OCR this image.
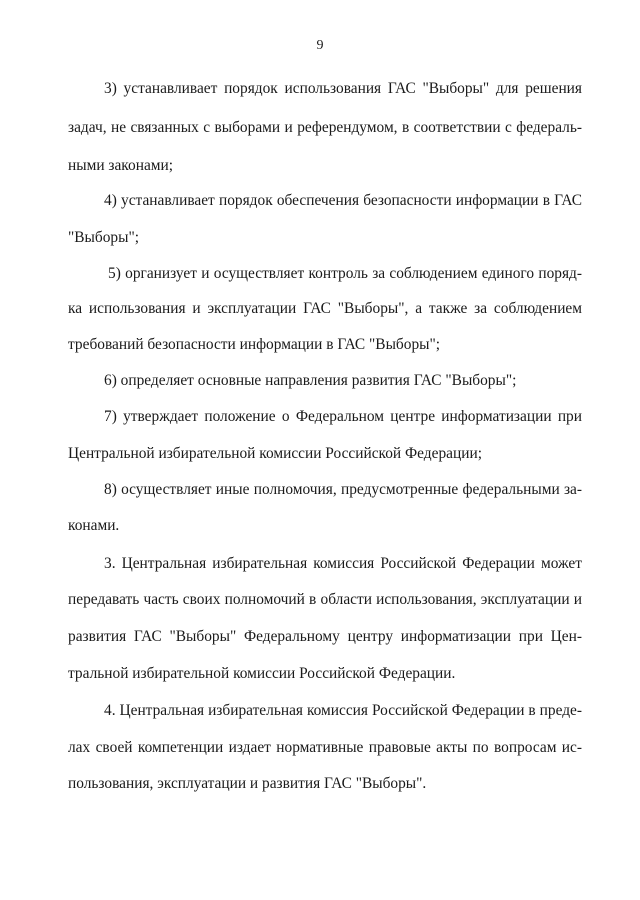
9
3) устанавливает порядок использования ГАС "Выборы" для решения
задач, не связанных с выборами и референдумом, в соответствии с федераль-
ными законами;
4) устанавливает порядок обеспечения безопасности информации в ГАС
"Выборы";
5) организует и осуществляет контроль за соблюдением единого поряд-
ка использования и эксплуатации ГАС "Выборы", а также за соблюдением
требований безопасности информации в ГАС "Выборы";
6) определяет основные направления развития ГАС "Выборы";
7) утверждает положение о Федеральном центре информатизации при
Центральной избирательной комиссии Российской Федерации;
8) осуществляет иные полномочия, предусмотренные федеральными за-
конами.
3. Центральная избирательная комиссия Российской Федерации может
передавать часть своих полномочий в области использования, эксплуатации и
развития ГАС "Выборы" Федеральному центру информатизации при Цен-
тральной избирательной комиссии Российской Федерации.
4. Центральная избирательная комиссия Российской Федерации в преде-
лах своей компетенции издает нормативные правовые акты по вопросам ис-
пользования, эксплуатации и развития ГАС "Выборы".
